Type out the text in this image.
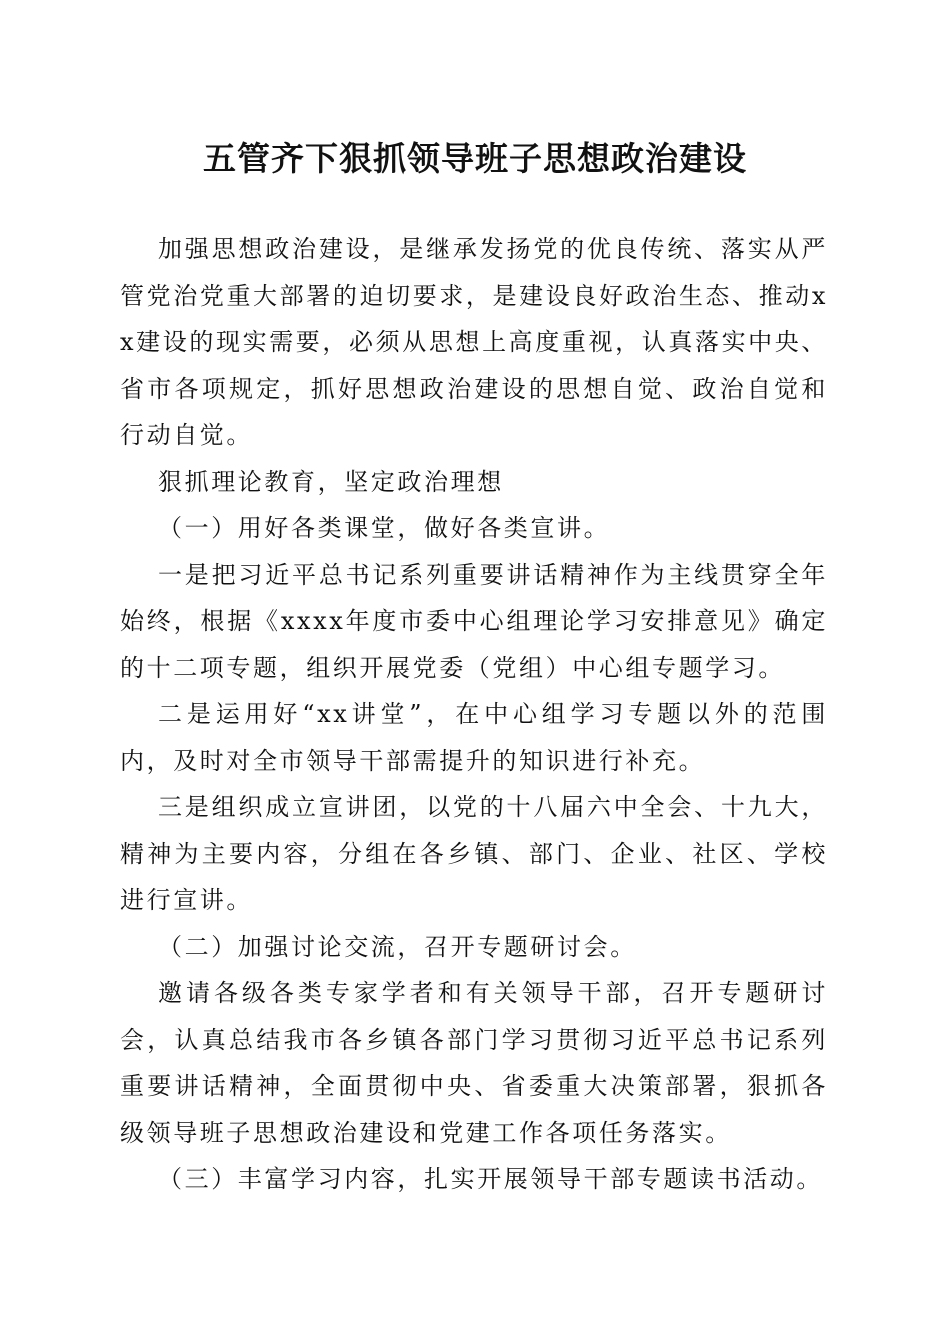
五管齐下狠抓领导班子思想政治建设

加强思想政治建设，是继承发扬党的优良传统、落实从严管党治党重大部署的迫切要求，是建设良好政治生态、推动xx建设的现实需要，必须从思想上高度重视，认真落实中央、省市各项规定，抓好思想政治建设的思想自觉、政治自觉和行动自觉。

狠抓理论教育，坚定政治理想

（一）用好各类课堂，做好各类宣讲。

一是把习近平总书记系列重要讲话精神作为主线贯穿全年始终，根据《xxxx年度市委中心组理论学习安排意见》确定的十二项专题，组织开展党委（党组）中心组专题学习。

二是运用好“xx讲堂”，在中心组学习专题以外的范围内，及时对全市领导干部需提升的知识进行补充。

三是组织成立宣讲团，以党的十八届六中全会、十九大，精神为主要内容，分组在各乡镇、部门、企业、社区、学校进行宣讲。

（二）加强讨论交流，召开专题研讨会。

邀请各级各类专家学者和有关领导干部，召开专题研讨会，认真总结我市各乡镇各部门学习贯彻习近平总书记系列重要讲话精神，全面贯彻中央、省委重大决策部署，狠抓各级领导班子思想政治建设和党建工作各项任务落实。

（三）丰富学习内容，扎实开展领导干部专题读书活动。
